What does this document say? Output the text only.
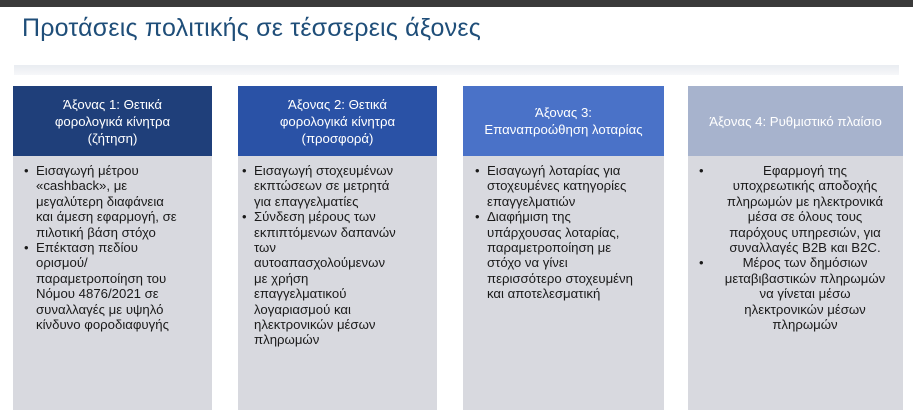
Προτάσεις πολιτικής σε τέσσερεις άξονες
Άξονας 1: Θετικά
φορολογικά κίνητρα
(ζήτηση)
• Εισαγωγή μέτρου
«cashback», με
μεγαλύτερη διαφάνεια
και άμεση εφαρμογή, σε
πιλοτική βάση στόχο
• Επέκταση πεδίου
ορισμού/
παραμετροποίηση του
Νόμου 4876/2021 σε
συναλλαγές με υψηλό
κίνδυνο φοροδιαφυγής
Άξονας 2: Θετικά
φορολογικά κίνητρα
(προσφορά)
• Εισαγωγή στοχευμένων
εκπτώσεων σε μετρητά
για επαγγελματίες
• Σύνδεση μέρους των
εκπιπτόμενων δαπανών
των
αυτοαπασχολούμενων
με χρήση
επαγγελματικού
λογαριασμού και
ηλεκτρονικών μέσων
πληρωμών
Άξονας 3:
Επαναπροώθηση λοταρίας
• Εισαγωγή λοταρίας για
στοχευμένες κατηγορίες
επαγγελματιών
• Διαφήμιση της
υπάρχουσας λοταρίας,
παραμετροποίηση με
στόχο να γίνει
περισσότερο στοχευμένη
και αποτελεσματική
Άξονας 4: Ρυθμιστικό πλαίσιο
•	Εφαρμογή της
υποχρεωτικής αποδοχής
πληρωμών με ηλεκτρονικά
μέσα σε όλους τους
παρόχους υπηρεσιών, για
συναλλαγές B2B και B2C.
•	Μέρος των δημόσιων
μεταβιβαστικών πληρωμών
να γίνεται μέσω
ηλεκτρονικών μέσων
πληρωμών
